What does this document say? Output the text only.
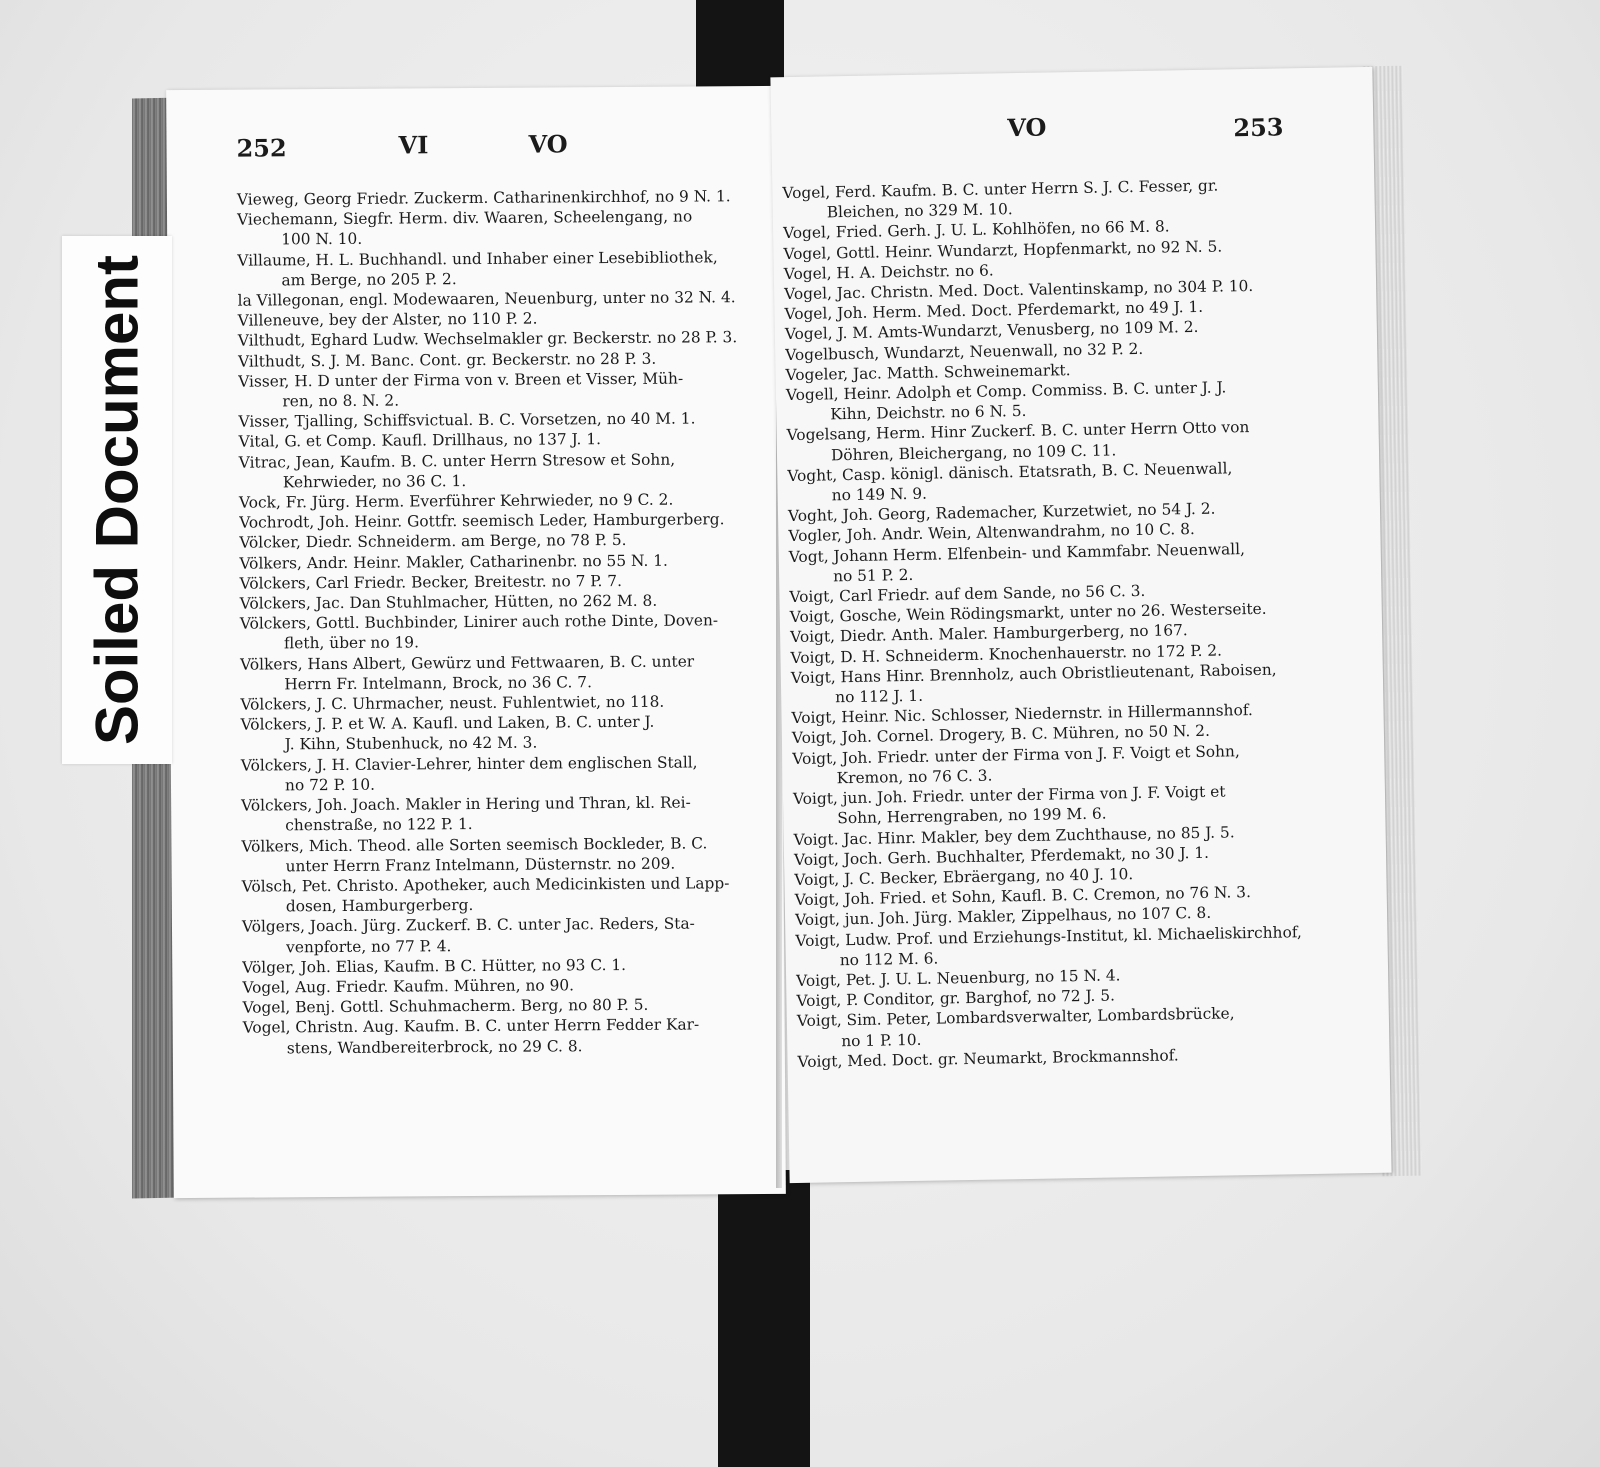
252	VI	VO
Vieweg, Georg Friedr. Zuckerm. Catharinenkirchhof, no 9 N. 1.
Viechemann, Siegfr. Herm. div. Waaren, Scheelengang, no
100 N. 10.
Villaume, H. L. Buchhandl. und Inhaber einer Lesebibliothek,
am Berge, no 205 P. 2.
la Villegonan, engl. Modewaaren, Neuenburg, unter no 32 N. 4.
Villeneuve, bey der Alster, no 110 P. 2.
Vilthudt, Eghard Ludw. Wechselmakler gr. Beckerstr. no 28 P. 3.
Vilthudt, S. J. M. Banc. Cont. gr. Beckerstr. no 28 P. 3.
Visser, H. D unter der Firma von v. Breen et Visser, Müh-
ren, no 8. N. 2.
Visser, Tjalling, Schiffsvictual. B. C. Vorsetzen, no 40 M. 1.
Vital, G. et Comp. Kaufl. Drillhaus, no 137 J. 1.
Vitrac, Jean, Kaufm. B. C. unter Herrn Stresow et Sohn,
Kehrwieder, no 36 C. 1.
Vock, Fr. Jürg. Herm. Everführer Kehrwieder, no 9 C. 2.
Vochrodt, Joh. Heinr. Gottfr. seemisch Leder, Hamburgerberg.
Völcker, Diedr. Schneiderm. am Berge, no 78 P. 5.
Völkers, Andr. Heinr. Makler, Catharinenbr. no 55 N. 1.
Völckers, Carl Friedr. Becker, Breitestr. no 7 P. 7.
Völckers, Jac. Dan Stuhlmacher, Hütten, no 262 M. 8.
Völckers, Gottl. Buchbinder, Linirer auch rothe Dinte, Doven-
fleth, über no 19.
Völkers, Hans Albert, Gewürz und Fettwaaren, B. C. unter
Herrn Fr. Intelmann, Brock, no 36 C. 7.
Völckers, J. C. Uhrmacher, neust. Fuhlentwiet, no 118.
Völckers, J. P. et W. A. Kaufl. und Laken, B. C. unter J.
J. Kihn, Stubenhuck, no 42 M. 3.
Völckers, J. H. Clavier-Lehrer, hinter dem englischen Stall,
no 72 P. 10.
Völckers, Joh. Joach. Makler in Hering und Thran, kl. Rei-
chenstraße, no 122 P. 1.
Völkers, Mich. Theod. alle Sorten seemisch Bockleder, B. C.
unter Herrn Franz Intelmann, Düsternstr. no 209.
Völsch, Pet. Christo. Apotheker, auch Medicinkisten und Lapp-
dosen, Hamburgerberg.
Völgers, Joach. Jürg. Zuckerf. B. C. unter Jac. Reders, Sta-
venpforte, no 77 P. 4.
Völger, Joh. Elias, Kaufm. B C. Hütter, no 93 C. 1.
Vogel, Aug. Friedr. Kaufm. Mühren, no 90.
Vogel, Benj. Gottl. Schuhmacherm. Berg, no 80 P. 5.
Vogel, Christn. Aug. Kaufm. B. C. unter Herrn Fedder Kar-
stens, Wandbereiterbrock, no 29 C. 8.
VO	253
Vogel, Ferd. Kaufm. B. C. unter Herrn S. J. C. Fesser, gr.
Bleichen, no 329 M. 10.
Vogel, Fried. Gerh. J. U. L. Kohlhöfen, no 66 M. 8.
Vogel, Gottl. Heinr. Wundarzt, Hopfenmarkt, no 92 N. 5.
Vogel, H. A. Deichstr. no 6.
Vogel, Jac. Christn. Med. Doct. Valentinskamp, no 304 P. 10.
Vogel, Joh. Herm. Med. Doct. Pferdemarkt, no 49 J. 1.
Vogel, J. M. Amts-Wundarzt, Venusberg, no 109 M. 2.
Vogelbusch, Wundarzt, Neuenwall, no 32 P. 2.
Vogeler, Jac. Matth. Schweinemarkt.
Vogell, Heinr. Adolph et Comp. Commiss. B. C. unter J. J.
Kihn, Deichstr. no 6 N. 5.
Vogelsang, Herm. Hinr Zuckerf. B. C. unter Herrn Otto von
Döhren, Bleichergang, no 109 C. 11.
Voght, Casp. königl. dänisch. Etatsrath, B. C. Neuenwall,
no 149 N. 9.
Voght, Joh. Georg, Rademacher, Kurzetwiet, no 54 J. 2.
Vogler, Joh. Andr. Wein, Altenwandrahm, no 10 C. 8.
Vogt, Johann Herm. Elfenbein- und Kammfabr. Neuenwall,
no 51 P. 2.
Voigt, Carl Friedr. auf dem Sande, no 56 C. 3.
Voigt, Gosche, Wein Rödingsmarkt, unter no 26. Westerseite.
Voigt, Diedr. Anth. Maler. Hamburgerberg, no 167.
Voigt, D. H. Schneiderm. Knochenhauerstr. no 172 P. 2.
Voigt, Hans Hinr. Brennholz, auch Obristlieutenant, Raboisen,
no 112 J. 1.
Voigt, Heinr. Nic. Schlosser, Niedernstr. in Hillermannshof.
Voigt, Joh. Cornel. Drogery, B. C. Mühren, no 50 N. 2.
Voigt, Joh. Friedr. unter der Firma von J. F. Voigt et Sohn,
Kremon, no 76 C. 3.
Voigt, jun. Joh. Friedr. unter der Firma von J. F. Voigt et
Sohn, Herrengraben, no 199 M. 6.
Voigt. Jac. Hinr. Makler, bey dem Zuchthause, no 85 J. 5.
Voigt, Joch. Gerh. Buchhalter, Pferdemakt, no 30 J. 1.
Voigt, J. C. Becker, Ebräergang, no 40 J. 10.
Voigt, Joh. Fried. et Sohn, Kaufl. B. C. Cremon, no 76 N. 3.
Voigt, jun. Joh. Jürg. Makler, Zippelhaus, no 107 C. 8.
Voigt, Ludw. Prof. und Erziehungs-Institut, kl. Michaeliskirchhof,
no 112 M. 6.
Voigt, Pet. J. U. L. Neuenburg, no 15 N. 4.
Voigt, P. Conditor, gr. Barghof, no 72 J. 5.
Voigt, Sim. Peter, Lombardsverwalter, Lombardsbrücke,
no 1 P. 10.
Voigt, Med. Doct. gr. Neumarkt, Brockmannshof.
Soiled Document
